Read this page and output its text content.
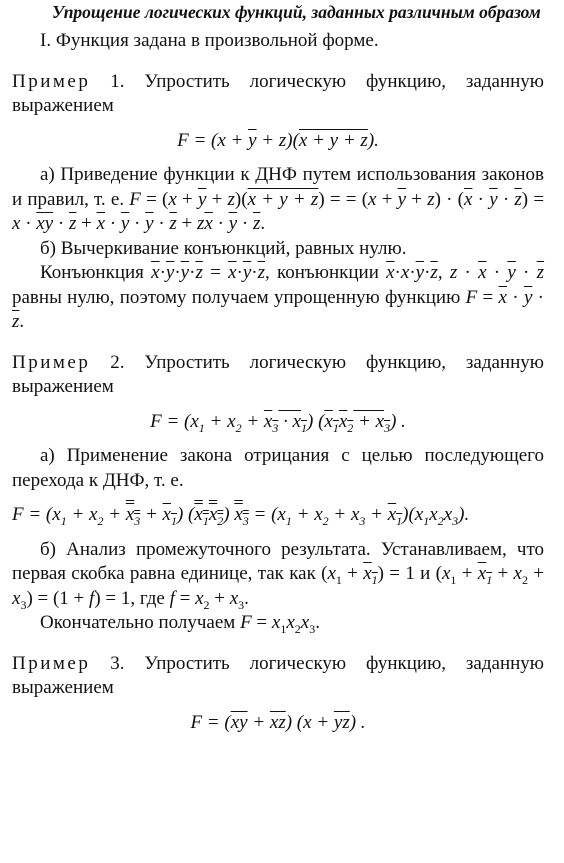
Упрощение логических функций, заданных различным образом

I. Функция задана в произвольной форме.

Пример 1. Упростить логическую функцию, заданную выражением

$F = (x + \overline{y} + z)(x + y + z)$.

а) Приведение функции к ДНФ путем использования законов и правил, т. е. $F = (x + \overline{y} + z)(x + y + z)$ = = $(x + \overline{y} + z) \cdot (\overline{x} \cdot \overline{y} \cdot \overline{z}) = x \cdot \overline{x}\overline{y} \cdot \overline{z} + \overline{x} \cdot \overline{y} \cdot \overline{y} \cdot \overline{z} + z\overline{x} \cdot \overline{y} \cdot \overline{z}$.

б) Вычеркивание конъюнкций, равных нулю.

Конъюнкция $\overline{x}\cdot\overline{y}\cdot\overline{y}\cdot\overline{z} = \overline{x}\cdot\overline{y}\cdot\overline{z}$, конъюнкции $\overline{x}\cdot x\cdot\overline{y}\cdot\overline{z}$, $z \cdot \overline{x} \cdot \overline{y} \cdot \overline{z}$ равны нулю, поэтому получаем упрощенную функцию $F = \overline{x} \cdot \overline{y} \cdot \overline{z}$.

Пример 2. Упростить логическую функцию, заданную выражением

$F = (x_1 + x_2 + x_3 \cdot x_1) (x_1x_2 + x_3)$ .

а) Применение закона отрицания с целью последующего перехода к ДНФ, т. е.

$F = (x_1 + x_2 + x_3 + x_1)$ $(x_1x_2) x_3 = (x_1 + x_2 + x_3 + x_1)(x_1x_2x_3)$.

б) Анализ промежуточного результата. Устанавливаем, что первая скобка равна единице, так как $(x_1 + x_1) = 1$ и $(x_1 + x_1 + x_2 + x_3) = (1 + f) = 1$, где $f = x_2 + x_3$.

Окончательно получаем $F = x_1x_2x_3$.

Пример 3. Упростить логическую функцию, заданную выражением

$F = (\overline{xy} + \overline{xz}) (x + \overline{yz})$ .
